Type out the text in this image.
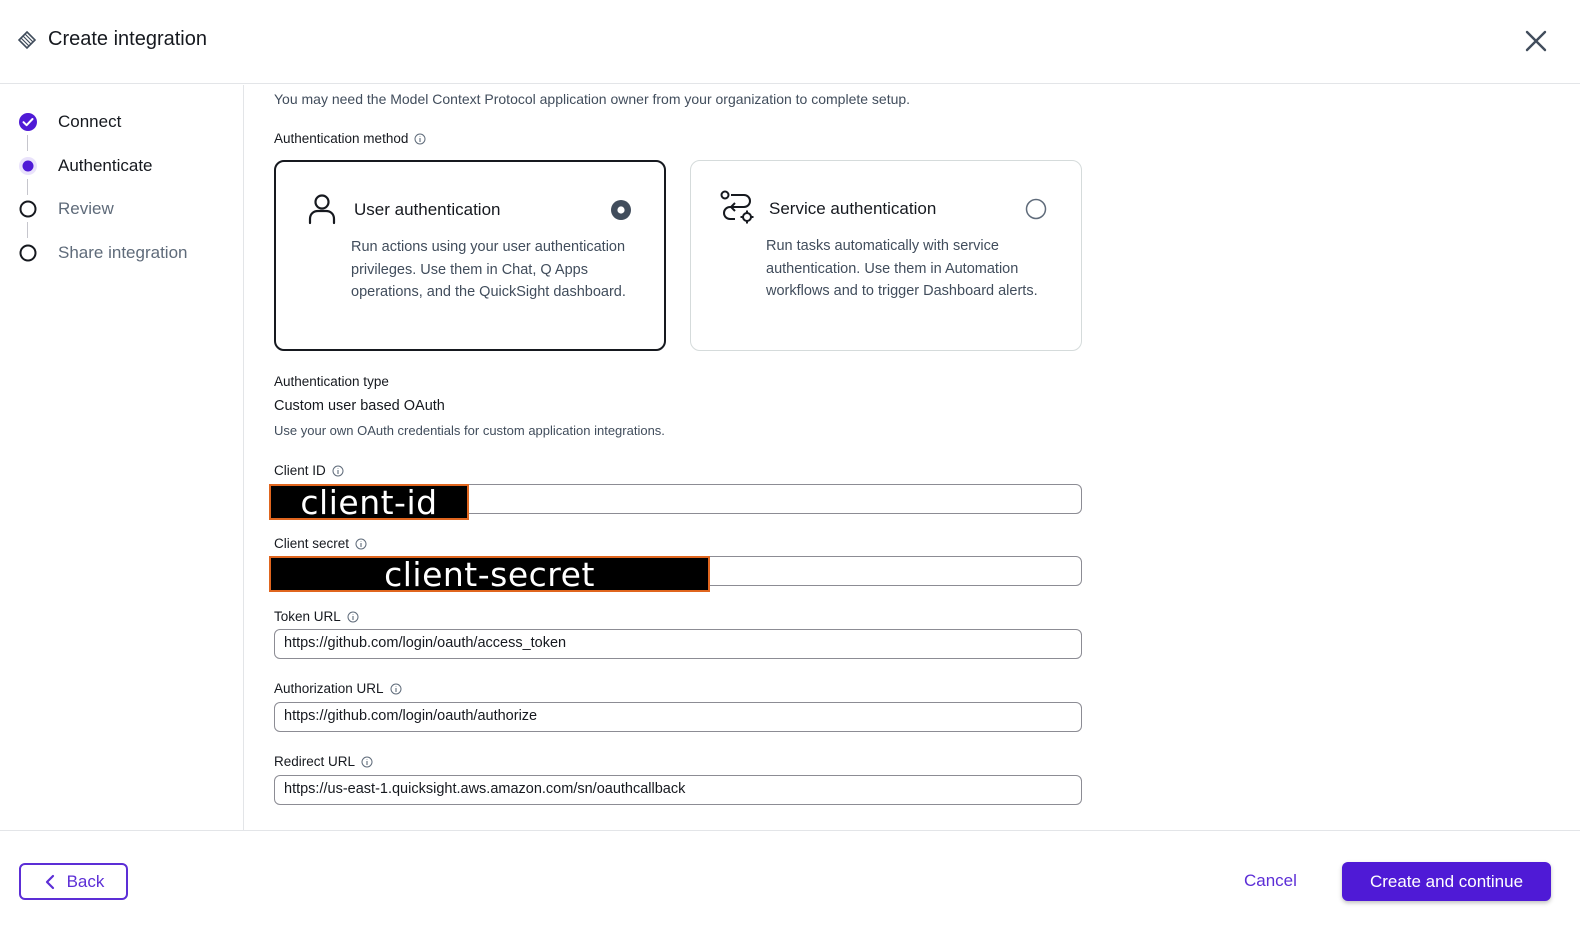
Create integration
Connect
Authenticate
Review
Share integration
You may need the Model Context Protocol application owner from your organization to complete setup.
Authentication method
User authentication
Run actions using your user authentication privileges. Use them in Chat, Q Apps operations, and the QuickSight dashboard.
Service authentication
Run tasks automatically with service authentication. Use them in Automation workflows and to trigger Dashboard alerts.
Authentication type
Custom user based OAuth
Use your own OAuth credentials for custom application integrations.
Client ID
client-id
Client secret
client-secret
Token URL
https://github.com/login/oauth/access_token
Authorization URL
https://github.com/login/oauth/authorize
Redirect URL
https://us-east-1.quicksight.aws.amazon.com/sn/oauthcallback
Back	Cancel	Create and continue
